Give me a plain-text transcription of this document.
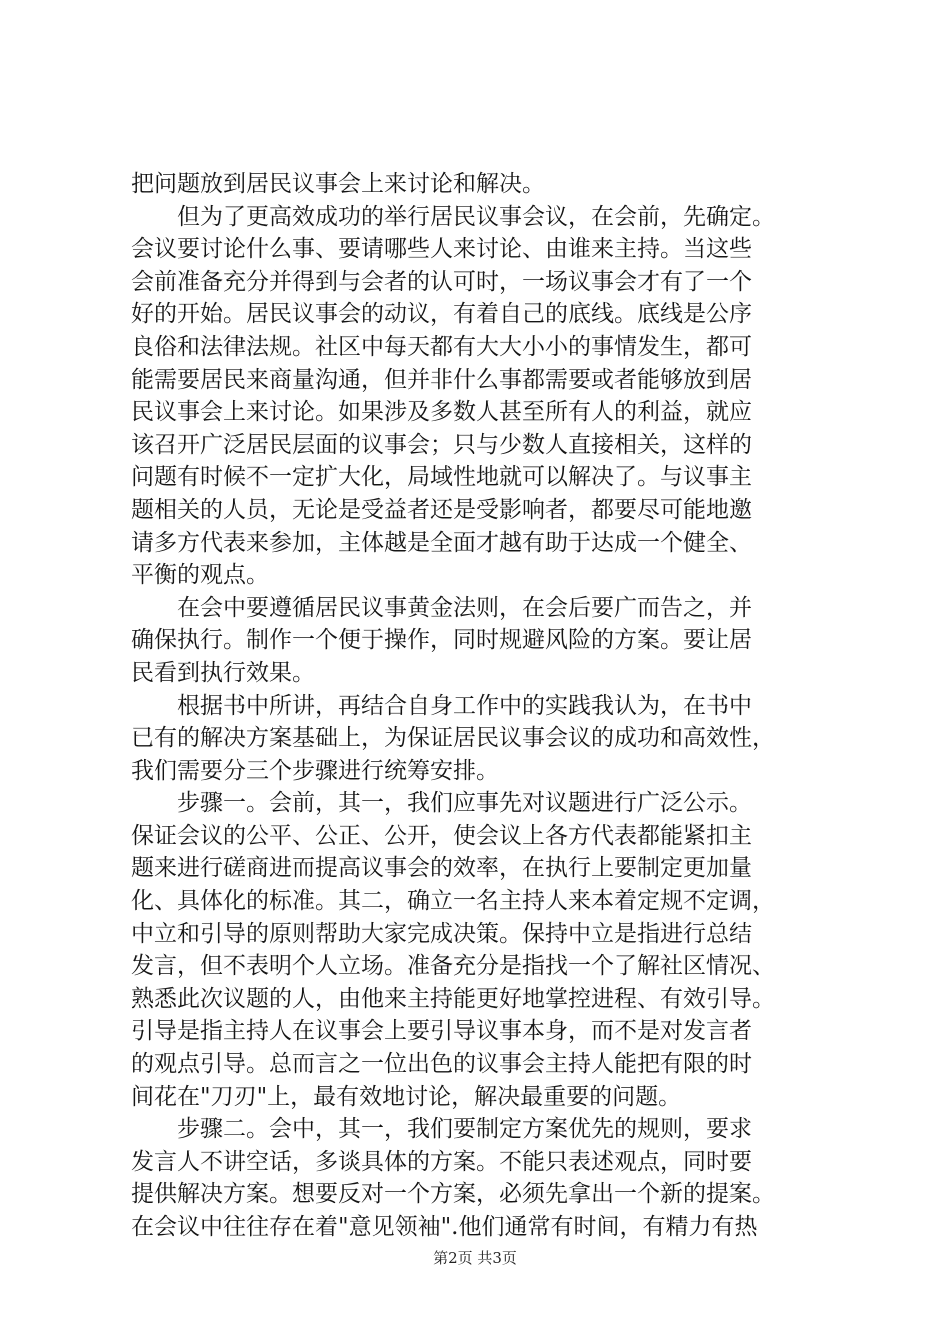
把问题放到居民议事会上来讨论和解决。
　　但为了更高效成功的举行居民议事会议，在会前，先确定。
会议要讨论什么事、要请哪些人来讨论、由谁来主持。当这些
会前准备充分并得到与会者的认可时，一场议事会才有了一个
好的开始。居民议事会的动议，有着自己的底线。底线是公序
良俗和法律法规。社区中每天都有大大小小的事情发生，都可
能需要居民来商量沟通，但并非什么事都需要或者能够放到居
民议事会上来讨论。如果涉及多数人甚至所有人的利益，就应
该召开广泛居民层面的议事会；只与少数人直接相关，这样的
问题有时候不一定扩大化，局域性地就可以解决了。与议事主
题相关的人员，无论是受益者还是受影响者，都要尽可能地邀
请多方代表来参加，主体越是全面才越有助于达成一个健全、
平衡的观点。
　　在会中要遵循居民议事黄金法则，在会后要广而告之，并
确保执行。制作一个便于操作，同时规避风险的方案。要让居
民看到执行效果。
　　根据书中所讲，再结合自身工作中的实践我认为，在书中
已有的解决方案基础上，为保证居民议事会议的成功和高效性，
我们需要分三个步骤进行统筹安排。
　　步骤一。会前，其一，我们应事先对议题进行广泛公示。
保证会议的公平、公正、公开，使会议上各方代表都能紧扣主
题来进行磋商进而提高议事会的效率，在执行上要制定更加量
化、具体化的标准。其二，确立一名主持人来本着定规不定调，
中立和引导的原则帮助大家完成决策。保持中立是指进行总结
发言，但不表明个人立场。准备充分是指找一个了解社区情况、
熟悉此次议题的人，由他来主持能更好地掌控进程、有效引导。
引导是指主持人在议事会上要引导议事本身，而不是对发言者
的观点引导。总而言之一位出色的议事会主持人能把有限的时
间花在"刀刃"上，最有效地讨论，解决最重要的问题。
　　步骤二。会中，其一，我们要制定方案优先的规则，要求
发言人不讲空话，多谈具体的方案。不能只表述观点，同时要
提供解决方案。想要反对一个方案，必须先拿出一个新的提案。
在会议中往往存在着"意见领袖".他们通常有时间，有精力有热
第2页 共3页
